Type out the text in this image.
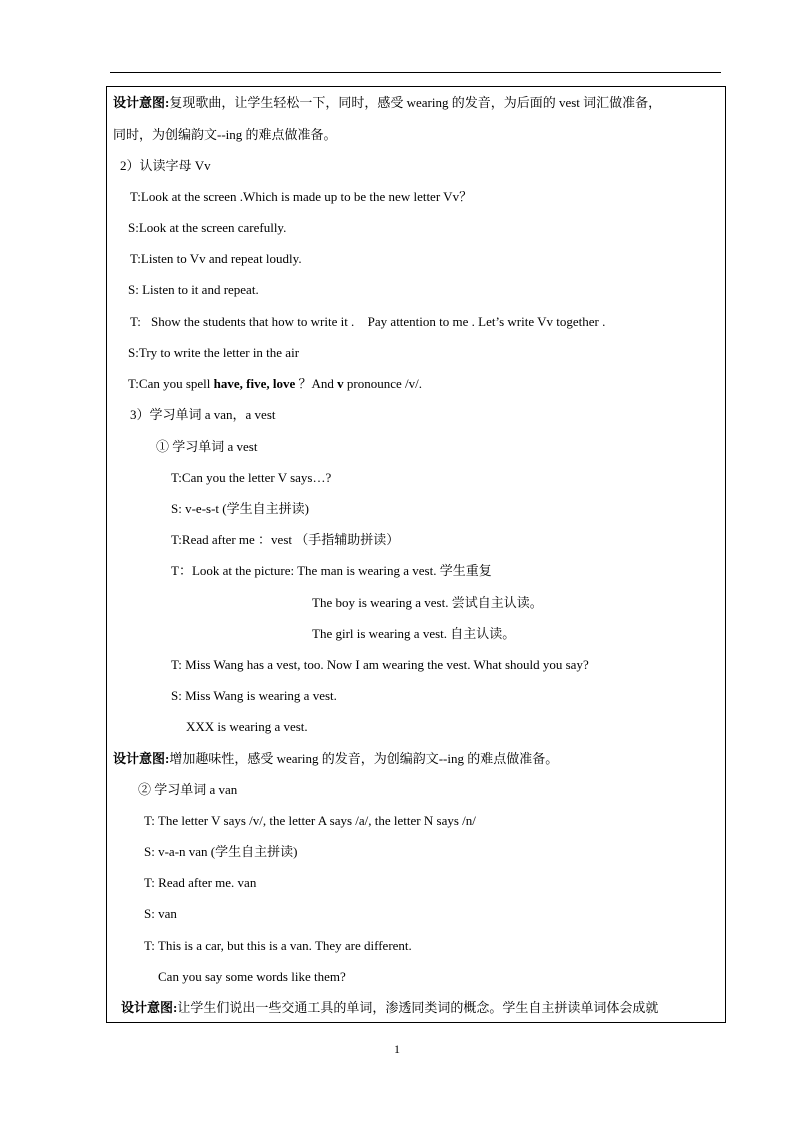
设计意图:复现歌曲，让学生轻松一下，同时，感受 wearing 的发音，为后面的 vest 词汇做准备，
同时，为创编韵文--ing 的难点做准备。
2）认读字母 Vv
T:Look at the screen .Which is made up to be the new letter Vv？
S:Look at the screen carefully.
T:Listen to Vv and repeat loudly.
S: Listen to it and repeat.
T: Show the students that how to write it .  Pay attention to me . Let’s write Vv together .
S:Try to write the letter in the air
T:Can you spell have, five, love ？And v pronounce /v/.
3）学习单词 a van，a vest
① 学习单词 a vest
T:Can you the letter V says…?
S: v-e-s-t (学生自主拼读)
T:Read after me ：vest （手指辅助拼读）
T：Look at the picture: The man is wearing a vest. 学生重复
The boy is wearing a vest. 尝试自主认读。
The girl is wearing a vest. 自主认读。
T: Miss Wang has a vest, too. Now I am wearing the vest. What should you say?
S: Miss Wang is wearing a vest.
XXX is wearing a vest.
设计意图:增加趣味性，感受 wearing 的发音，为创编韵文--ing 的难点做准备。
② 学习单词 a van
T: The letter V says /v/, the letter A says /a/, the letter N says /n/
S: v-a-n van (学生自主拼读)
T: Read after me. van
S: van
T: This is a car, but this is a van. They are different.
Can you say some words like them?
设计意图:让学生们说出一些交通工具的单词，渗透同类词的概念。学生自主拼读单词体会成就
1
